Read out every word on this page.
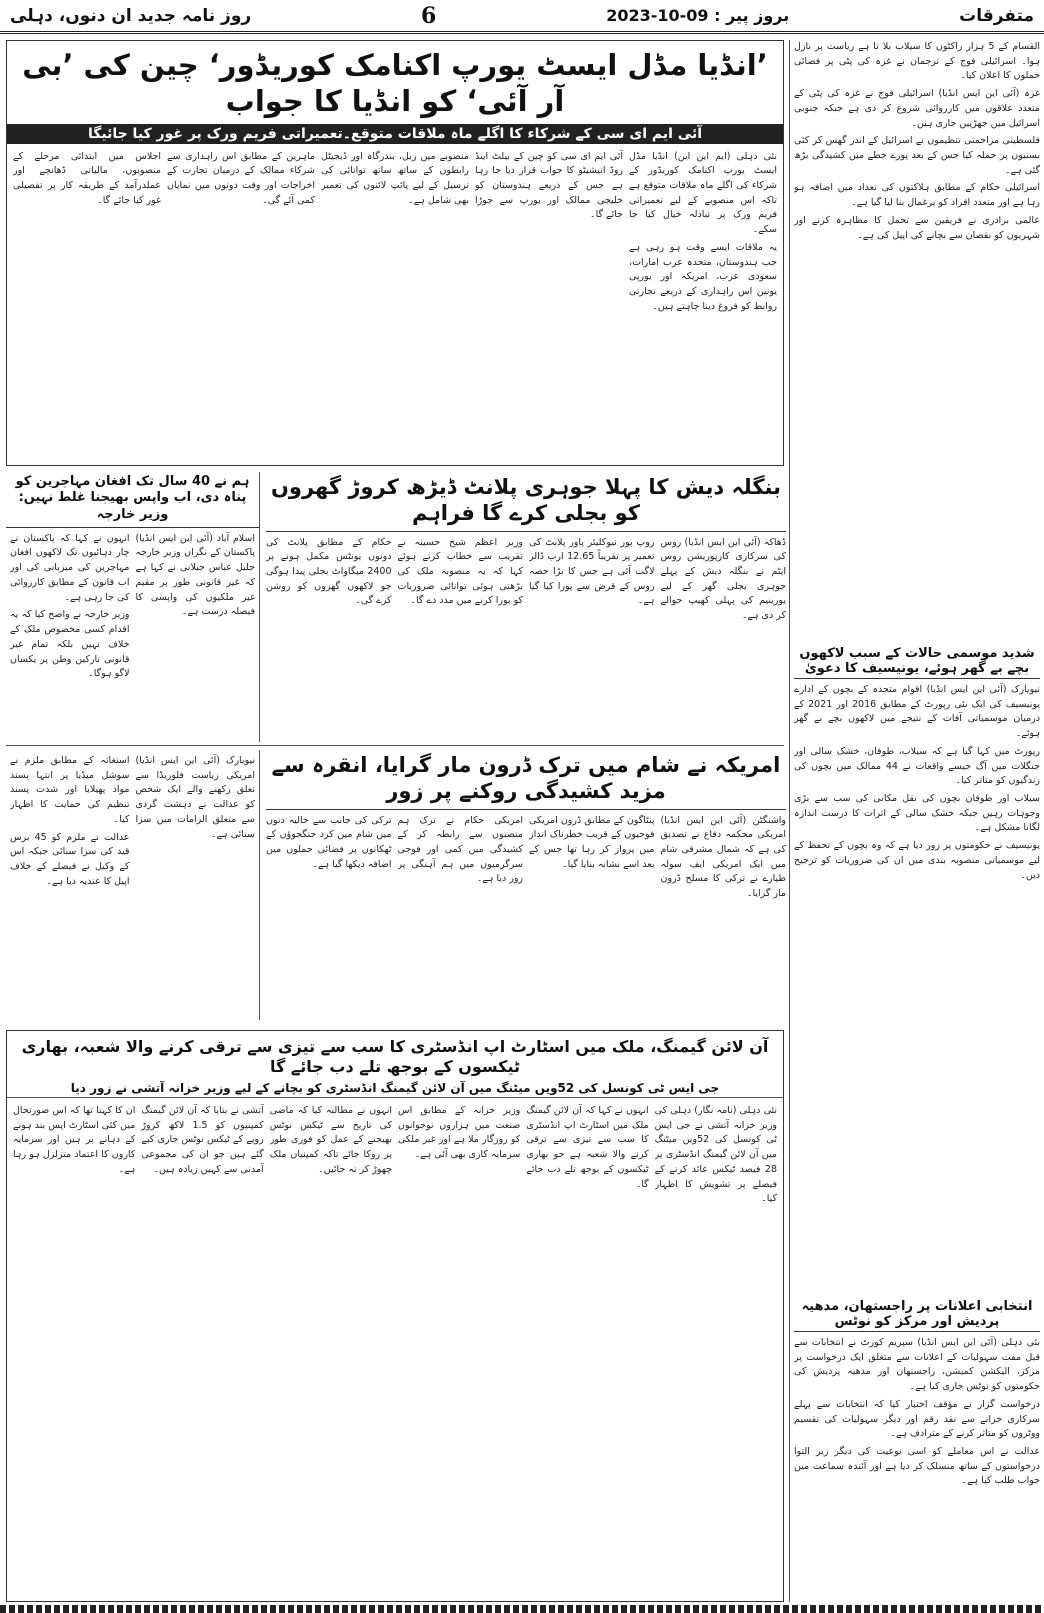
متفرقات
بروز پیر : 09-10-2023
6
روز نامہ جدید ان دنوں، دہلی

القسام کے 5 ہزار راکٹوں کا سیلاب بلا تا ہے ریاست پر نازل ہوا۔ اسرائیلی فوج کے ترجمان نے غزہ کی پٹی پر فضائی حملوں کا اعلان کیا۔

غزہ (آئی این ایس انڈیا) اسرائیلی فوج نے غزہ کی پٹی کے متعدد علاقوں میں کارروائی شروع کر دی ہے جبکہ جنوبی اسرائیل میں جھڑپیں جاری ہیں۔

فلسطینی مزاحمتی تنظیموں نے اسرائیل کے اندر گھس کر کئی بستیوں پر حملہ کیا جس کے بعد پورے خطے میں کشیدگی بڑھ گئی ہے۔

اسرائیلی حکام کے مطابق ہلاکتوں کی تعداد میں اضافہ ہو رہا ہے اور متعدد افراد کو یرغمال بنا لیا گیا ہے۔

عالمی برادری نے فریقین سے تحمل کا مظاہرہ کرنے اور شہریوں کو نقصان سے بچانے کی اپیل کی ہے۔

شدید موسمی حالات کے سبب لاکھوں بچے بے گھر ہوئے، یونیسیف کا دعویٰ

نیویارک (آئی این ایس انڈیا) اقوام متحدہ کے بچوں کے ادارے یونیسیف کی ایک نئی رپورٹ کے مطابق 2016 اور 2021 کے درمیان موسمیاتی آفات کے نتیجے میں لاکھوں بچے بے گھر ہوئے۔

رپورٹ میں کہا گیا ہے کہ سیلاب، طوفان، خشک سالی اور جنگلات میں آگ جیسے واقعات نے 44 ممالک میں بچوں کی زندگیوں کو متاثر کیا۔

سیلاب اور طوفان بچوں کی نقل مکانی کی سب سے بڑی وجوہات رہیں جبکہ خشک سالی کے اثرات کا درست اندازہ لگانا مشکل ہے۔

یونیسیف نے حکومتوں پر زور دیا ہے کہ وہ بچوں کے تحفظ کے لیے موسمیاتی منصوبہ بندی میں ان کی ضروریات کو ترجیح دیں۔

انتخابی اعلانات پر راجستھان، مدھیہ پردیش اور مرکز کو نوٹس

نئی دہلی (آئی این ایس انڈیا) سپریم کورٹ نے انتخابات سے قبل مفت سہولیات کے اعلانات سے متعلق ایک درخواست پر مرکز، الیکشن کمیشن، راجستھان اور مدھیہ پردیش کی حکومتوں کو نوٹس جاری کیا ہے۔

درخواست گزار نے مؤقف اختیار کیا کہ انتخابات سے پہلے سرکاری خزانے سے نقد رقم اور دیگر سہولیات کی تقسیم ووٹروں کو متاثر کرنے کے مترادف ہے۔

عدالت نے اس معاملے کو اسی نوعیت کی دیگر زیر التوا درخواستوں کے ساتھ منسلک کر دیا ہے اور آئندہ سماعت میں جواب طلب کیا ہے۔

’انڈیا مڈل ایسٹ یورپ اکنامک کوریڈور‘ چین کی ’بی آر آئی‘ کو انڈیا کا جواب
آئی ایم ای سی کے شرکاء کا اگلے ماہ ملاقات متوقع۔تعمیراتی فریم ورک پر غور کیا جائیگا

نئی دہلی (ایم این این) انڈیا مڈل ایسٹ یورپ اکنامک کوریڈور کے شرکاء کی اگلے ماہ ملاقات متوقع ہے تاکہ اس منصوبے کے لیے تعمیراتی فریم ورک پر تبادلہ خیال کیا جا سکے۔

یہ ملاقات ایسے وقت ہو رہی ہے جب ہندوستان، متحدہ عرب امارات، سعودی عرب، امریکہ اور یورپی یونین اس راہداری کے ذریعے تجارتی روابط کو فروغ دینا چاہتے ہیں۔

آئی ایم ای سی کو چین کے بیلٹ اینڈ روڈ انیشیٹو کا جواب قرار دیا جا رہا ہے جس کے ذریعے ہندوستان کو خلیجی ممالک اور یورپ سے جوڑا جائے گا۔

منصوبے میں ریل، بندرگاہ اور ڈیجیٹل رابطوں کے ساتھ ساتھ توانائی کی ترسیل کے لیے پائپ لائنوں کی تعمیر بھی شامل ہے۔

ماہرین کے مطابق اس راہداری سے شرکاء ممالک کے درمیان تجارت کے اخراجات اور وقت دونوں میں نمایاں کمی آئے گی۔

اجلاس میں ابتدائی مرحلے کے منصوبوں، مالیاتی ڈھانچے اور عملدرآمد کے طریقہ کار پر تفصیلی غور کیا جائے گا۔

بنگلہ دیش کا پہلا جوہری پلانٹ ڈیڑھ کروڑ گھروں کو بجلی کرے گا فراہم

ڈھاکہ (آئی این ایس انڈیا) روس کی سرکاری کارپوریشن روس ایٹم نے بنگلہ دیش کے پہلے جوہری بجلی گھر کے لیے یورینیم کی پہلی کھیپ حوالے کر دی ہے۔

روپ پور نیوکلیئر پاور پلانٹ کی تعمیر پر تقریباً 12.65 ارب ڈالر لاگت آئی ہے جس کا بڑا حصہ روس کے قرض سے پورا کیا گیا ہے۔

وزیر اعظم شیخ حسینہ نے تقریب سے خطاب کرتے ہوئے کہا کہ یہ منصوبہ ملک کی بڑھتی ہوئی توانائی ضروریات کو پورا کرنے میں مدد دے گا۔

حکام کے مطابق پلانٹ کی دونوں یونٹس مکمل ہونے پر 2400 میگاواٹ بجلی پیدا ہوگی جو لاکھوں گھروں کو روشن کرے گی۔

ہم نے 40 سال تک افغان مہاجرین کو پناہ دی، اب واپس بھیجنا غلط نہیں: وزیر خارجہ

اسلام آباد (آئی این ایس انڈیا) پاکستان کے نگراں وزیر خارجہ جلیل عباس جیلانی نے کہا ہے کہ غیر قانونی طور پر مقیم غیر ملکیوں کی واپسی کا فیصلہ درست ہے۔

انہوں نے کہا کہ پاکستان نے چار دہائیوں تک لاکھوں افغان مہاجرین کی میزبانی کی اور اب قانون کے مطابق کارروائی کی جا رہی ہے۔

وزیر خارجہ نے واضح کیا کہ یہ اقدام کسی مخصوص ملک کے خلاف نہیں بلکہ تمام غیر قانونی تارکین وطن پر یکساں لاگو ہوگا۔

امریکہ نے شام میں ترک ڈرون مار گرایا، انقرہ سے مزید کشیدگی روکنے پر زور

واشنگٹن (آئی این ایس انڈیا) امریکی محکمہ دفاع نے تصدیق کی ہے کہ شمال مشرقی شام میں ایک امریکی ایف سولہ طیارے نے ترکی کا مسلح ڈرون مار گرایا۔

پنٹاگون کے مطابق ڈرون امریکی فوجیوں کے قریب خطرناک انداز میں پرواز کر رہا تھا جس کے بعد اسے نشانہ بنایا گیا۔

امریکی حکام نے ترک ہم منصبوں سے رابطہ کر کے کشیدگی میں کمی اور فوجی سرگرمیوں میں ہم آہنگی پر زور دیا ہے۔

ترکی کی جانب سے حالیہ دنوں میں شام میں کرد جنگجوؤں کے ٹھکانوں پر فضائی حملوں میں اضافہ دیکھا گیا ہے۔

نیویارک (آئی این ایس انڈیا) امریکی ریاست فلوریڈا سے تعلق رکھنے والے ایک شخص کو عدالت نے دہشت گردی سے متعلق الزامات میں سزا سنائی ہے۔

استغاثہ کے مطابق ملزم نے سوشل میڈیا پر انتہا پسند مواد پھیلایا اور شدت پسند تنظیم کی حمایت کا اظہار کیا۔

عدالت نے ملزم کو 45 برس قید کی سزا سنائی جبکہ اس کے وکیل نے فیصلے کے خلاف اپیل کا عندیہ دیا ہے۔

آن لائن گیمنگ، ملک میں اسٹارٹ اپ انڈسٹری کا سب سے تیزی سے ترقی کرنے والا شعبہ، بھاری ٹیکسوں کے بوجھ تلے دب جائے گا
جی ایس ٹی کونسل کی 52ویں میٹنگ میں آن لائن گیمنگ انڈسٹری کو بچانے کے لیے وزیر خزانہ آتشی نے زور دیا

نئی دہلی (نامہ نگار) دہلی کی وزیر خزانہ آتشی نے جی ایس ٹی کونسل کی 52ویں میٹنگ میں آن لائن گیمنگ انڈسٹری پر 28 فیصد ٹیکس عائد کرنے کے فیصلے پر تشویش کا اظہار کیا۔

انہوں نے کہا کہ آن لائن گیمنگ ملک میں اسٹارٹ اپ انڈسٹری کا سب سے تیزی سے ترقی کرنے والا شعبہ ہے جو بھاری ٹیکسوں کے بوجھ تلے دب جائے گا۔

وزیر خزانہ کے مطابق اس صنعت میں ہزاروں نوجوانوں کو روزگار ملا ہے اور غیر ملکی سرمایہ کاری بھی آئی ہے۔

انہوں نے مطالبہ کیا کہ ماضی کی تاریخ سے ٹیکس نوٹس بھیجنے کے عمل کو فوری طور پر روکا جائے تاکہ کمپنیاں ملک چھوڑ کر نہ جائیں۔

آتشی نے بتایا کہ آن لائن گیمنگ کمپنیوں کو 1.5 لاکھ کروڑ روپے کے ٹیکس نوٹس جاری کیے گئے ہیں جو ان کی مجموعی آمدنی سے کہیں زیادہ ہیں۔

ان کا کہنا تھا کہ اس صورتحال میں کئی اسٹارٹ اپس بند ہونے کے دہانے پر ہیں اور سرمایہ کاروں کا اعتماد متزلزل ہو رہا ہے۔
